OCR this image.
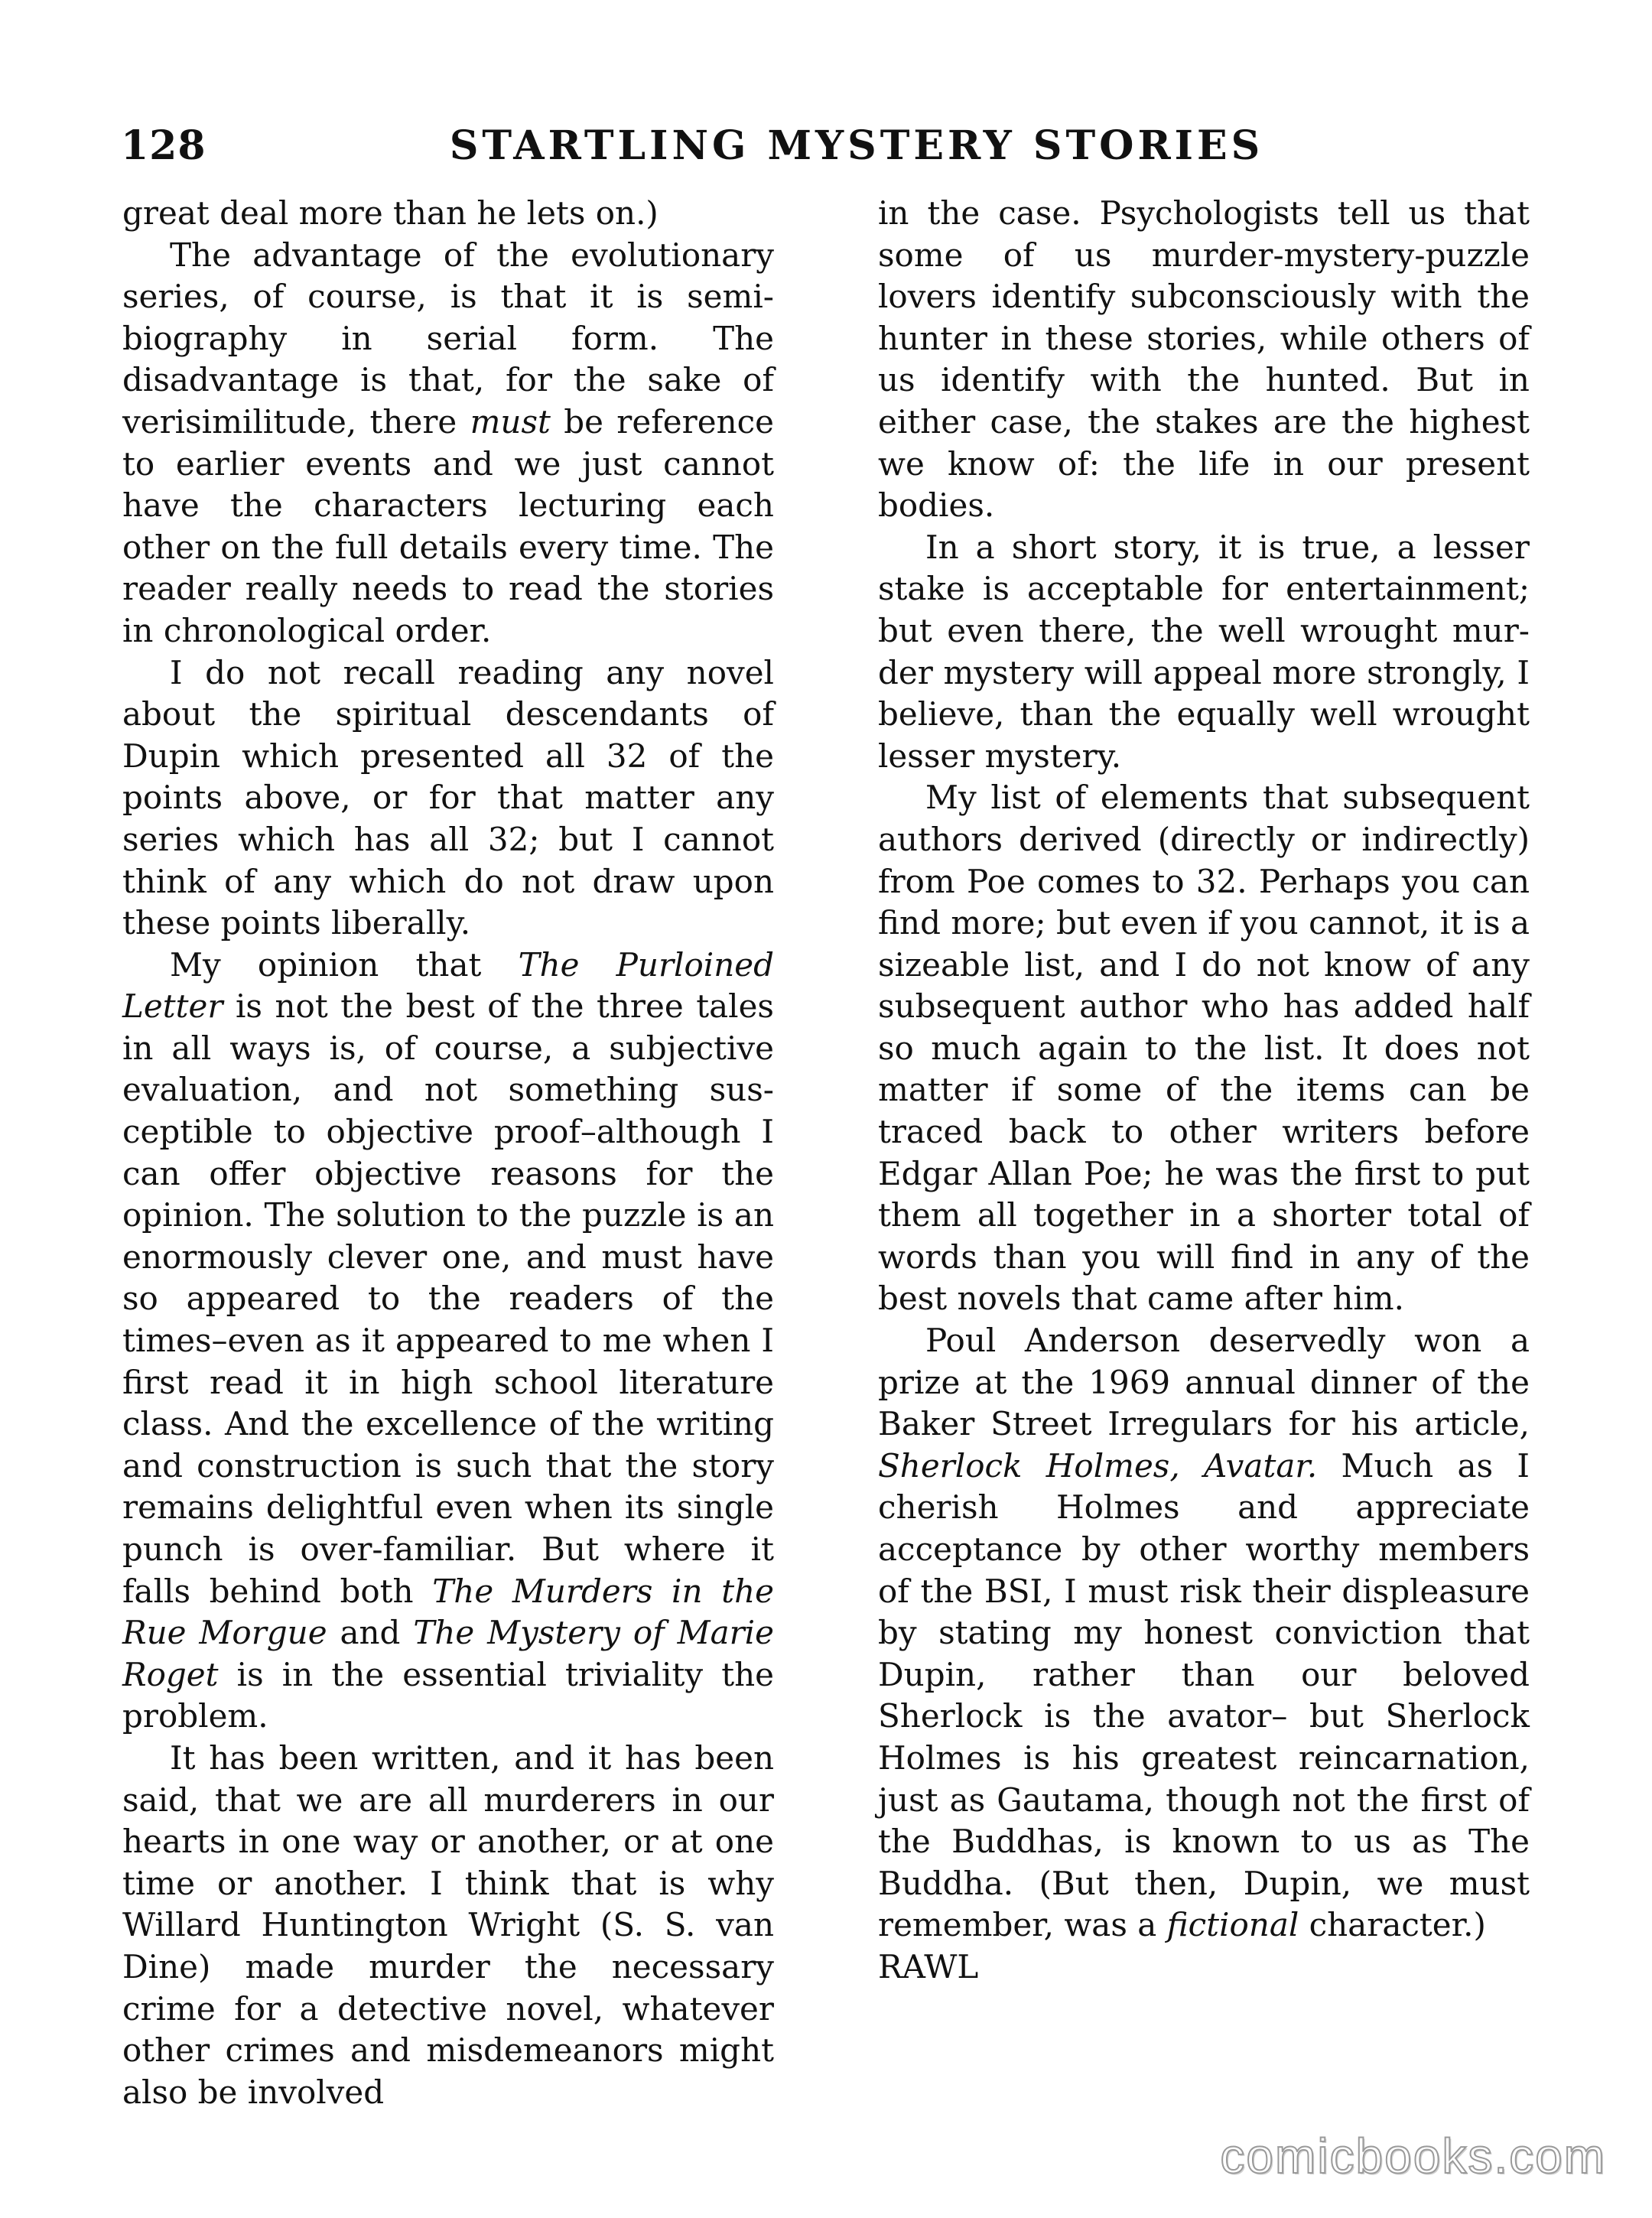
128	STARTLING MYSTERY STORIES

great deal more than he lets on.)

The advantage of the evolutionary series, of course, is that it is semi-biography in serial form. The disadvantage is that, for the sake of verisimilitude, there must be reference to earlier events and we just cannot have the characters lecturing each other on the full details every time. The reader really needs to read the stories in chronological order.

I do not recall reading any novel about the spiritual descendants of Dupin which presented all 32 of the points above, or for that matter any series which has all 32; but I cannot think of any which do not draw upon these points liberally.

My opinion that The Purloined Letter is not the best of the three tales in all ways is, of course, a subjective evaluation, and not something susceptible to objective proof–although I can offer objective reasons for the opinion. The solution to the puzzle is an enormously clever one, and must have so appeared to the readers of the times–even as it appeared to me when I first read it in high school literature class. And the excellence of the writing and construction is such that the story remains delightful even when its single punch is over-familiar. But where it falls behind both The Murders in the Rue Morgue and The Mystery of Marie Roget is in the essential triviality the problem.

It has been written, and it has been said, that we are all murderers in our hearts in one way or another, or at one time or another. I think that is why Willard Huntington Wright (S. S. van Dine) made murder the necessary crime for a detective novel, whatever other crimes and misdemeanors might also be involved

in the case. Psychologists tell us that some of us murder-mystery-puzzle lovers identify subconsciously with the hunter in these stories, while others of us identify with the hunted. But in either case, the stakes are the highest we know of: the life in our present bodies.

In a short story, it is true, a lesser stake is acceptable for entertainment; but even there, the well wrought murder mystery will appeal more strongly, I believe, than the equally well wrought lesser mystery.

My list of elements that subsequent authors derived (directly or indirectly) from Poe comes to 32. Perhaps you can find more; but even if you cannot, it is a sizeable list, and I do not know of any subsequent author who has added half so much again to the list. It does not matter if some of the items can be traced back to other writers before Edgar Allan Poe; he was the first to put them all together in a shorter total of words than you will find in any of the best novels that came after him.

Poul Anderson deservedly won a prize at the 1969 annual dinner of the Baker Street Irregulars for his article, Sherlock Holmes, Avatar. Much as I cherish Holmes and appreciate acceptance by other worthy members of the BSI, I must risk their displeasure by stating my honest conviction that Dupin, rather than our beloved Sherlock is the avator– but Sherlock Holmes is his greatest reincarnation, just as Gautama, though not the first of the Buddhas, is known to us as The Buddha. (But then, Dupin, we must remember, was a fictional character.)

RAWL

comicbooks.com
